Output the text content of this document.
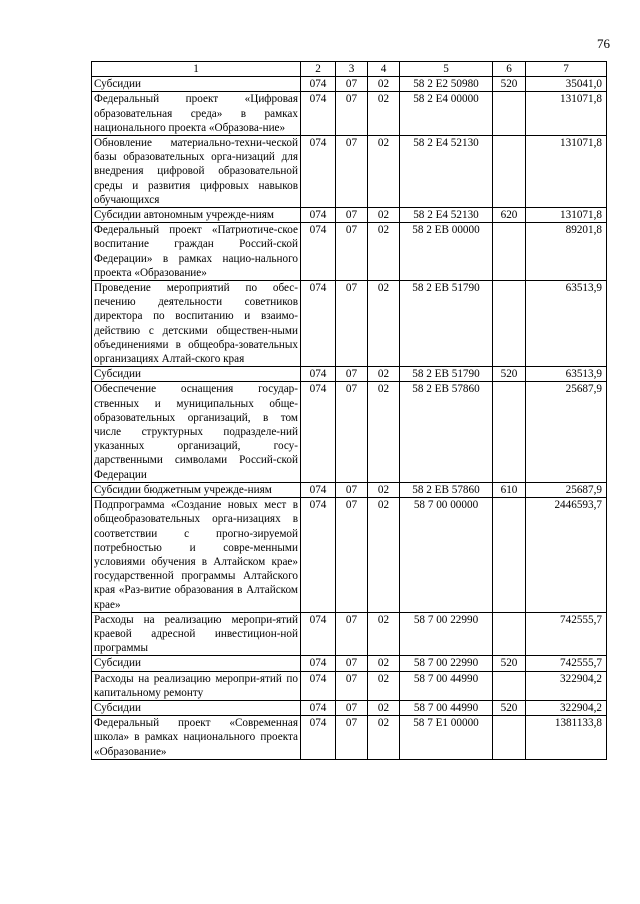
76
1	2	3	4	5	6	7
Субсидии	074	07	02	58 2 Е2 50980	520	35041,0
Федеральный проект «Цифровая образовательная среда» в рамках национального проекта «Образова-ние»	074	07	02	58 2 Е4 00000		131071,8
Обновление материально-техни-ческой базы образовательных орга-низаций для внедрения цифровой образовательной среды и развития цифровых навыков обучающихся	074	07	02	58 2 Е4 52130		131071,8
Субсидии автономным учрежде-ниям	074	07	02	58 2 Е4 52130	620	131071,8
Федеральный проект «Патриотиче-ское воспитание граждан Россий-ской Федерации» в рамках нацио-нального проекта «Образование»	074	07	02	58 2 ЕВ 00000		89201,8
Проведение мероприятий по обес-печению деятельности советников директора по воспитанию и взаимо-действию с детскими обществен-ными объединениями в общеобра-зовательных организациях Алтай-ского края	074	07	02	58 2 ЕВ 51790		63513,9
Субсидии	074	07	02	58 2 ЕВ 51790	520	63513,9
Обеспечение оснащения государ-ственных и муниципальных обще-образовательных организаций, в том числе структурных подразделе-ний указанных организаций, госу-дарственными символами Россий-ской Федерации	074	07	02	58 2 ЕВ 57860		25687,9
Субсидии бюджетным учрежде-ниям	074	07	02	58 2 ЕВ 57860	610	25687,9
Подпрограмма «Создание новых мест в общеобразовательных орга-низациях в соответствии с прогно-зируемой потребностью и совре-менными условиями обучения в Алтайском крае» государственной программы Алтайского края «Раз-витие образования в Алтайском крае»	074	07	02	58 7 00 00000		2446593,7
Расходы на реализацию меропри-ятий краевой адресной инвестицион-ной программы	074	07	02	58 7 00 22990		742555,7
Субсидии	074	07	02	58 7 00 22990	520	742555,7
Расходы на реализацию меропри-ятий по капитальному ремонту	074	07	02	58 7 00 44990		322904,2
Субсидии	074	07	02	58 7 00 44990	520	322904,2
Федеральный проект «Современная школа» в рамках национального проекта «Образование»	074	07	02	58 7 Е1 00000		1381133,8
